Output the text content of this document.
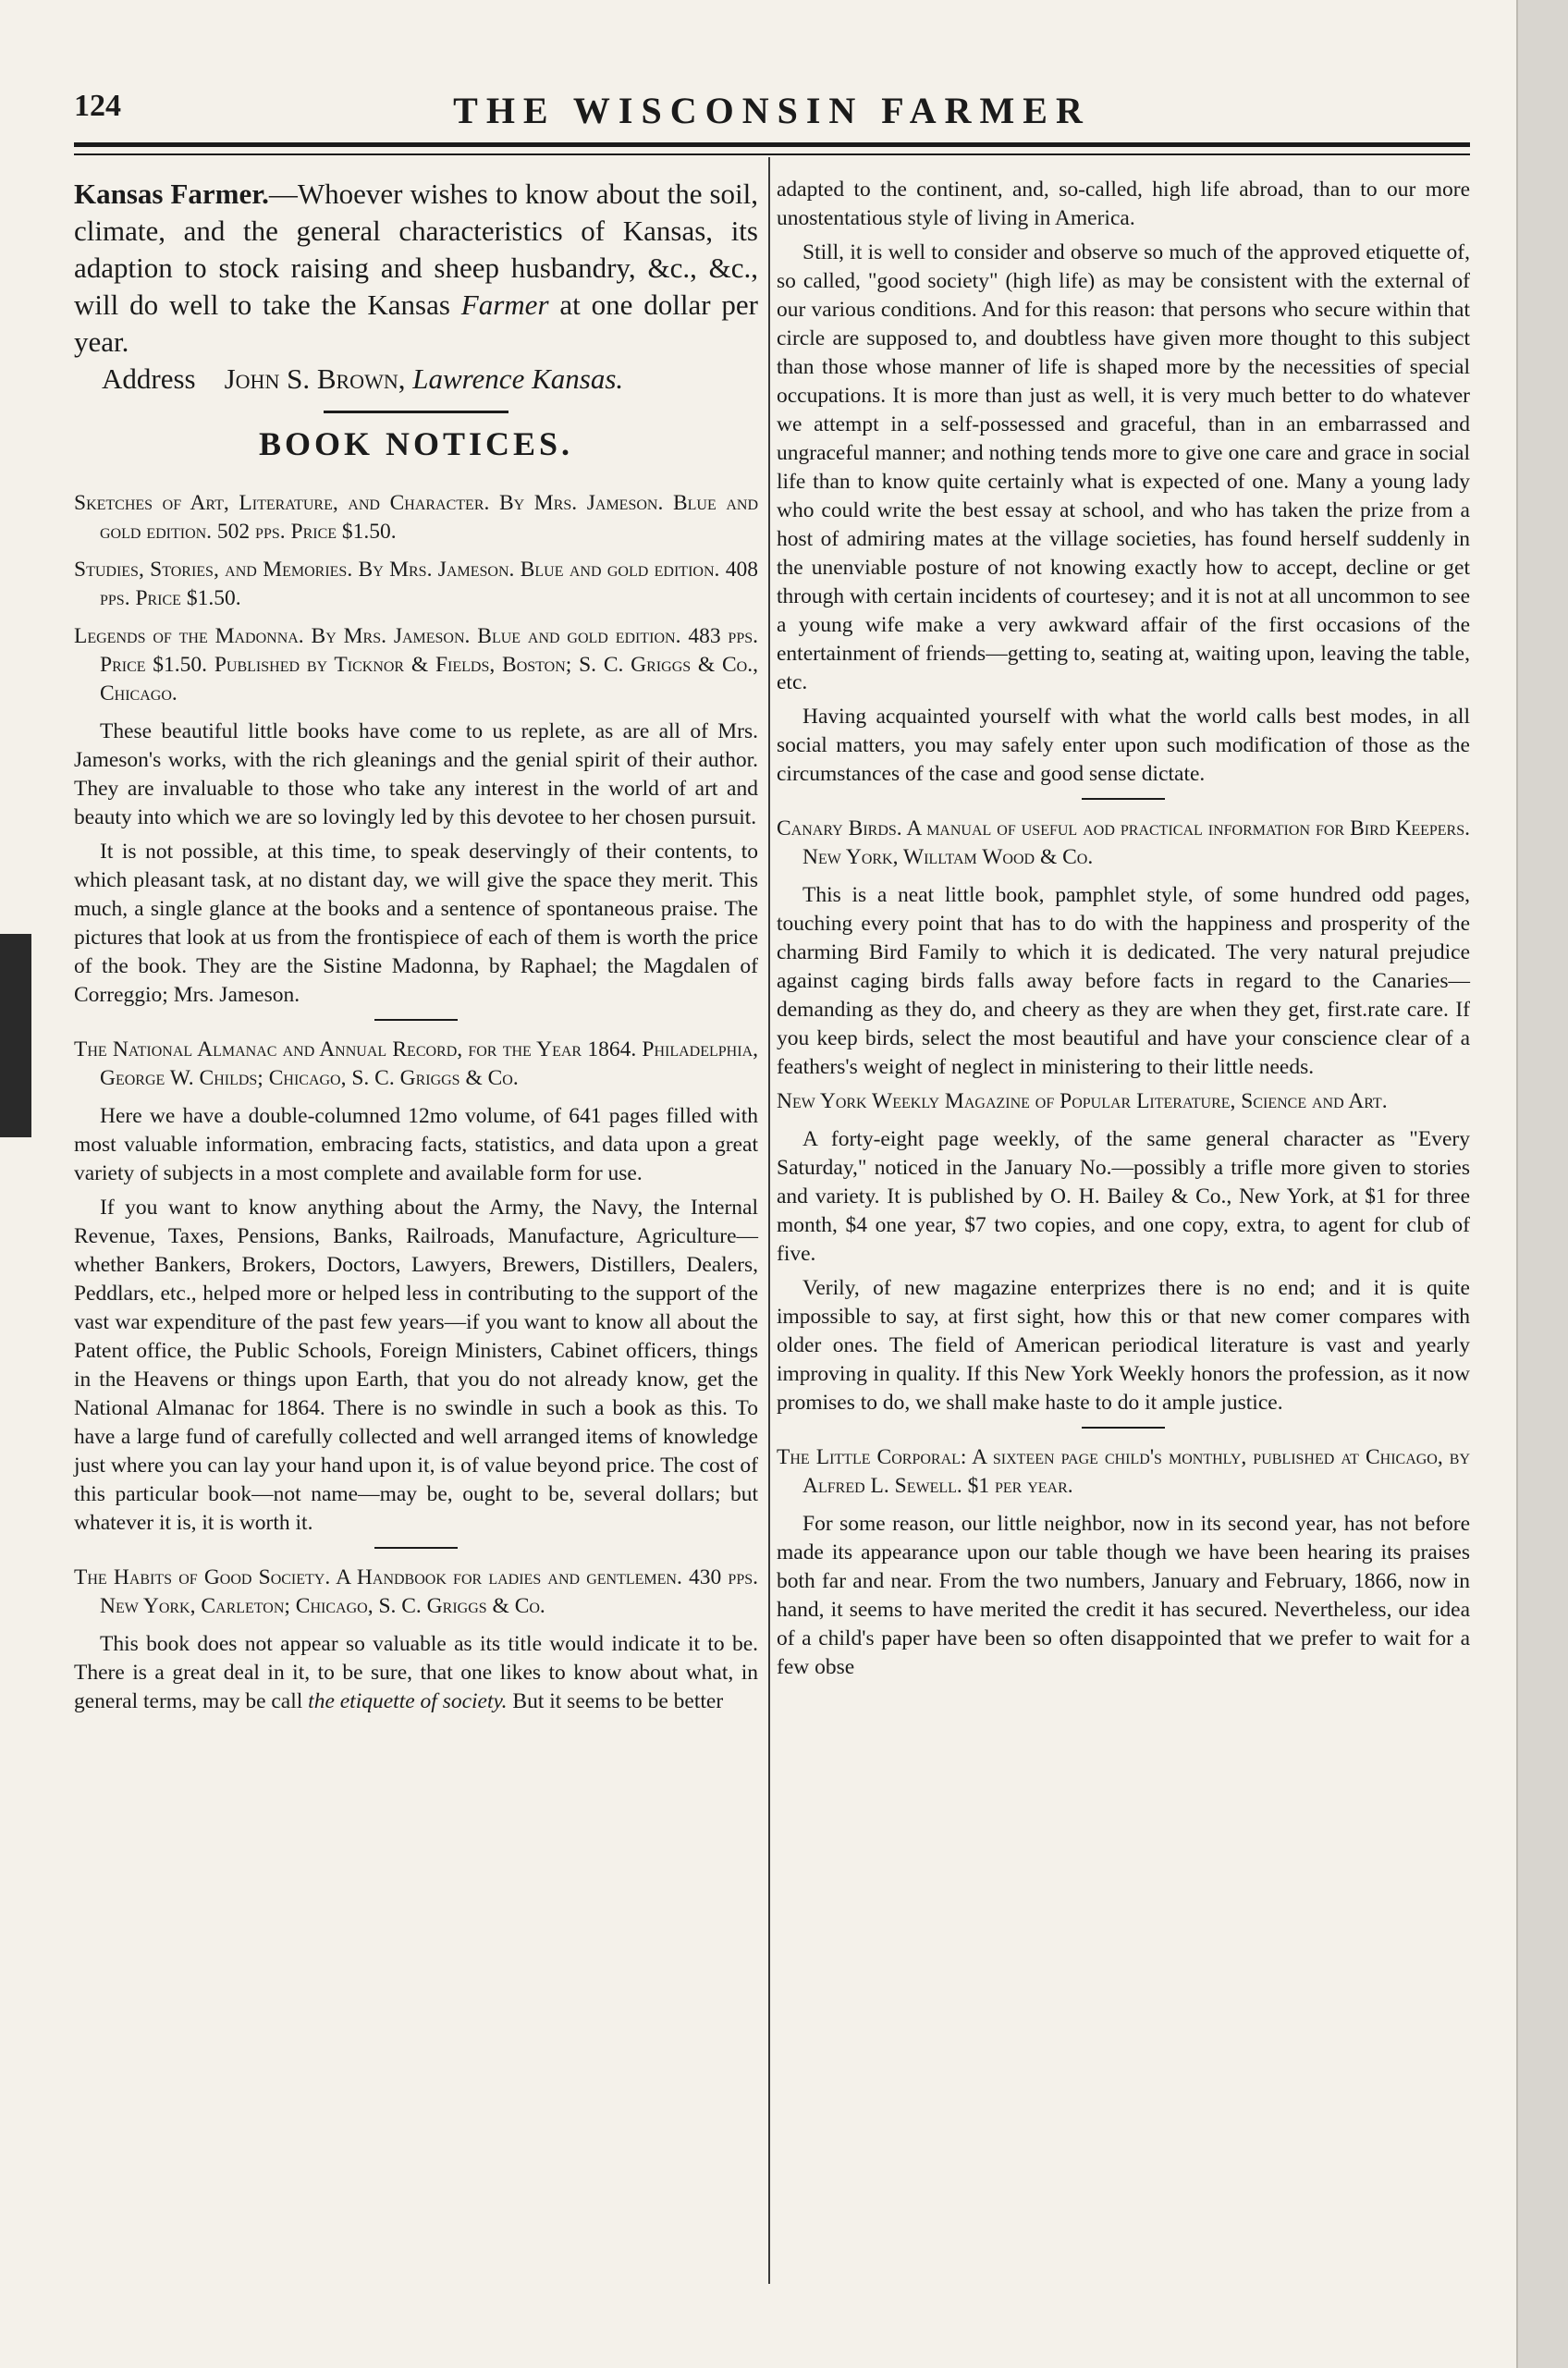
124	THE WISCONSIN FARMER

Kansas Farmer.—Whoever wishes to know about the soil, climate, and the general characteristics of Kansas, its adaption to stock raising and sheep husbandry, &c., &c., will do well to take the Kansas Farmer at one dollar per year.

Address John S. Brown, Lawrence Kansas.

BOOK NOTICES.

Sketches of Art, Literature, and Character. By Mrs. Jameson. Blue and gold edition. 502 pps. Price $1.50.

Studies, Stories, and Memories. By Mrs. Jameson. Blue and gold edition. 408 pps. Price $1.50.

Legends of the Madonna. By Mrs. Jameson. Blue and gold edition. 483 pps. Price $1.50. Published by Ticknor & Fields, Boston; S. C. Griggs & Co., Chicago.

These beautiful little books have come to us replete, as are all of Mrs. Jameson's works, with the rich gleanings and the genial spirit of their author. They are invaluable to those who take any interest in the world of art and beauty into which we are so lovingly led by this devotee to her chosen pursuit.

It is not possible, at this time, to speak deservingly of their contents, to which pleasant task, at no distant day, we will give the space they merit. This much, a single glance at the books and a sentence of spontaneous praise. The pictures that look at us from the frontispiece of each of them is worth the price of the book. They are the Sistine Madonna, by Raphael; the Magdalen of Correggio; Mrs. Jameson.

The National Almanac and Annual Record, for the Year 1864. Philadelphia, George W. Childs; Chicago, S. C. Griggs & Co.

Here we have a double-columned 12mo volume, of 641 pages filled with most valuable information, embracing facts, statistics, and data upon a great variety of subjects in a most complete and available form for use.

If you want to know anything about the Army, the Navy, the Internal Revenue, Taxes, Pensions, Banks, Railroads, Manufacture, Agriculture—whether Bankers, Brokers, Doctors, Lawyers, Brewers, Distillers, Dealers, Peddlars, etc., helped more or helped less in contributing to the support of the vast war expenditure of the past few years—if you want to know all about the Patent office, the Public Schools, Foreign Ministers, Cabinet officers, things in the Heavens or things upon Earth, that you do not already know, get the National Almanac for 1864. There is no swindle in such a book as this. To have a large fund of carefully collected and well arranged items of knowledge just where you can lay your hand upon it, is of value beyond price. The cost of this particular book—not name—may be, ought to be, several dollars; but whatever it is, it is worth it.

The Habits of Good Society. A Handbook for ladies and gentlemen. 430 pps. New York, Carleton; Chicago, S. C. Griggs & Co.

This book does not appear so valuable as its title would indicate it to be. There is a great deal in it, to be sure, that one likes to know about what, in general terms, may be call the etiquette of society. But it seems to be better

adapted to the continent, and, so-called, high life abroad, than to our more unostentatious style of living in America.

Still, it is well to consider and observe so much of the approved etiquette of, so called, "good society" (high life) as may be consistent with the external of our various conditions. And for this reason: that persons who secure within that circle are supposed to, and doubtless have given more thought to this subject than those whose manner of life is shaped more by the necessities of special occupations. It is more than just as well, it is very much better to do whatever we attempt in a self-possessed and graceful, than in an embarrassed and ungraceful manner; and nothing tends more to give one care and grace in social life than to know quite certainly what is expected of one. Many a young lady who could write the best essay at school, and who has taken the prize from a host of admiring mates at the village societies, has found herself suddenly in the unenviable posture of not knowing exactly how to accept, decline or get through with certain incidents of courtesey; and it is not at all uncommon to see a young wife make a very awkward affair of the first occasions of the entertainment of friends—getting to, seating at, waiting upon, leaving the table, etc.

Having acquainted yourself with what the world calls best modes, in all social matters, you may safely enter upon such modification of those as the circumstances of the case and good sense dictate.

Canary Birds. A manual of useful aod practical information for Bird Keepers. New York, Willtam Wood & Co.

This is a neat little book, pamphlet style, of some hundred odd pages, touching every point that has to do with the happiness and prosperity of the charming Bird Family to which it is dedicated. The very natural prejudice against caging birds falls away before facts in regard to the Canaries—demanding as they do, and cheery as they are when they get, first.rate care. If you keep birds, select the most beautiful and have your conscience clear of a feathers's weight of neglect in ministering to their little needs.

New York Weekly Magazine of Popular Literature, Science and Art.

A forty-eight page weekly, of the same general character as "Every Saturday," noticed in the January No.—possibly a trifle more given to stories and variety. It is published by O. H. Bailey & Co., New York, at $1 for three month, $4 one year, $7 two copies, and one copy, extra, to agent for club of five.

Verily, of new magazine enterprizes there is no end; and it is quite impossible to say, at first sight, how this or that new comer compares with older ones. The field of American periodical literature is vast and yearly improving in quality. If this New York Weekly honors the profession, as it now promises to do, we shall make haste to do it ample justice.

The Little Corporal: A sixteen page child's monthly, published at Chicago, by Alfred L. Sewell. $1 per year.

For some reason, our little neighbor, now in its second year, has not before made its appearance upon our table though we have been hearing its praises both far and near. From the two numbers, January and February, 1866, now in hand, it seems to have merited the credit it has secured. Nevertheless, our idea of a child's paper have been so often disappointed that we prefer to wait for a few obse
